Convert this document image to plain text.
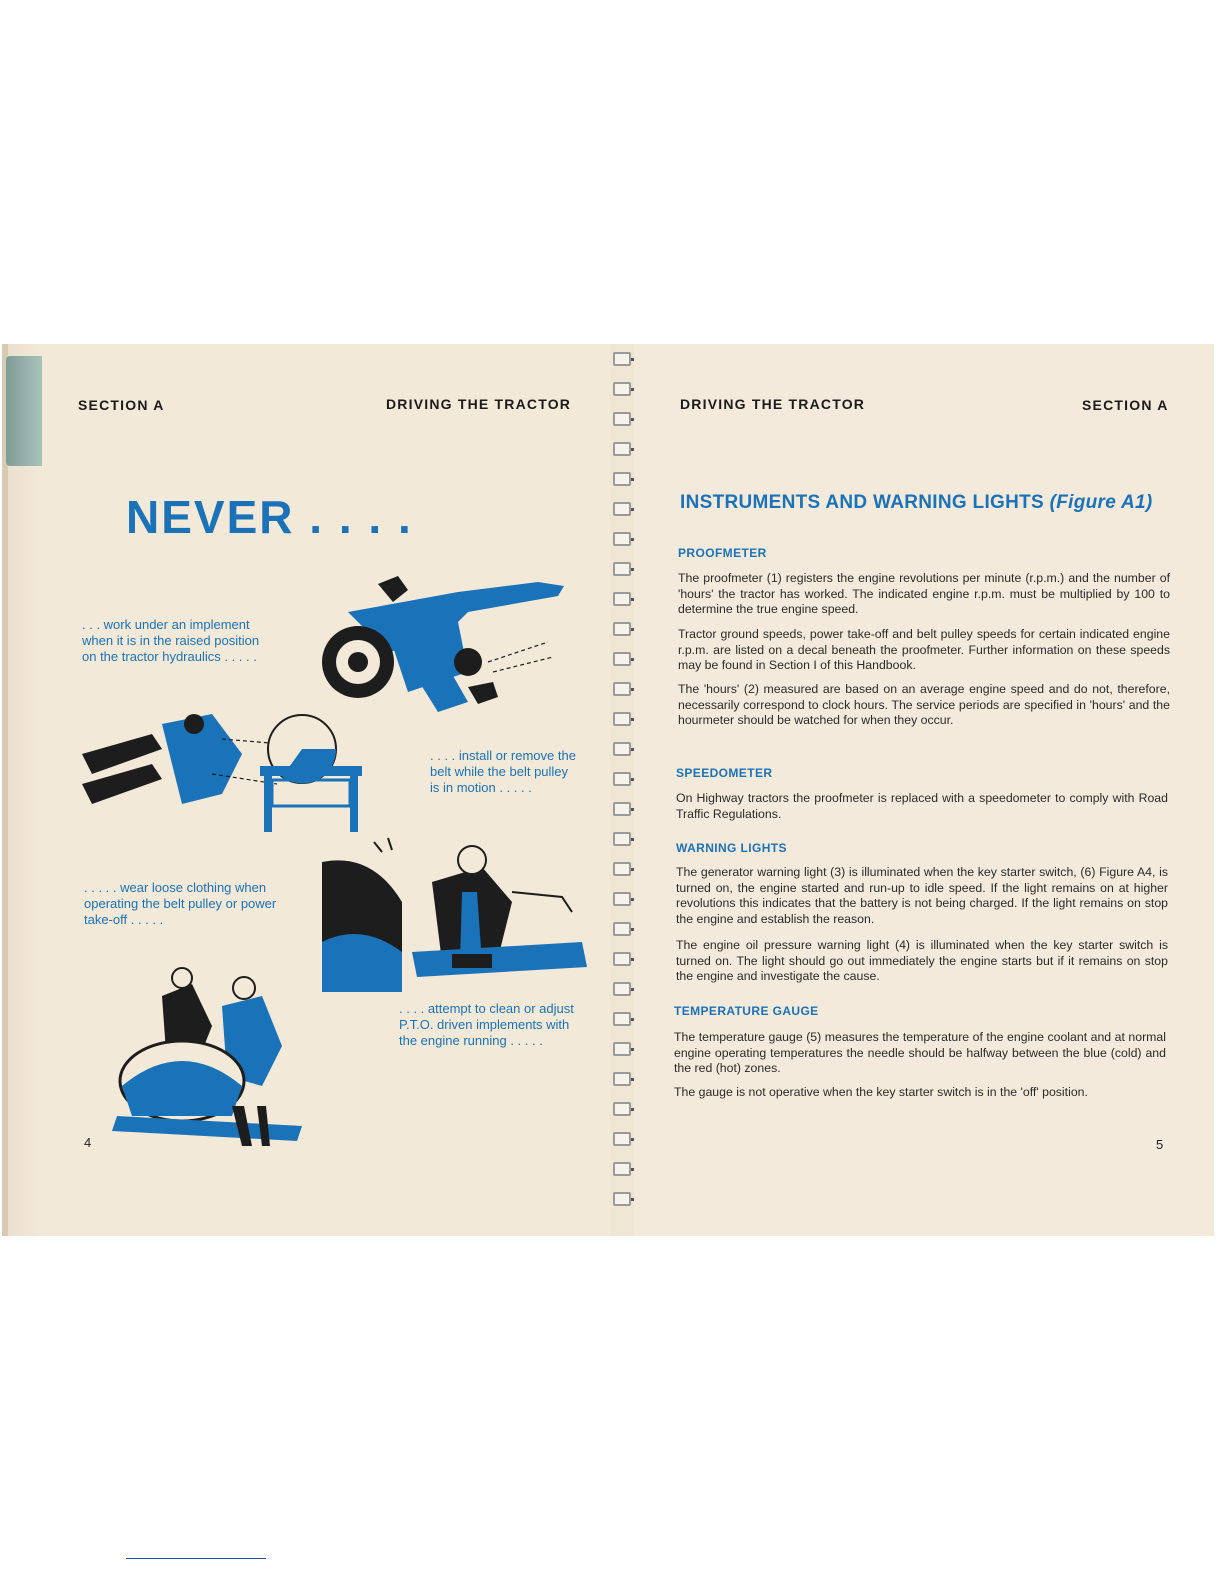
SECTION A	DRIVING THE TRACTOR
NEVER . . . .
. . . work under an implement when it is in the raised position on the tractor hydraulics . . . . .
. . . . install or remove the belt while the belt pulley is in motion . . . . .
. . . . . wear loose clothing when operating the belt pulley or power take-off . . . . .
. . . . attempt to clean or adjust P.T.O. driven implements with the engine running . . . . .
4
DRIVING THE TRACTOR	SECTION A
INSTRUMENTS AND WARNING LIGHTS (Figure A1)
PROOFMETER
The proofmeter (1) registers the engine revolutions per minute (r.p.m.) and the number of 'hours' the tractor has worked. The indicated engine r.p.m. must be multiplied by 100 to determine the true engine speed.
Tractor ground speeds, power take-off and belt pulley speeds for certain indicated engine r.p.m. are listed on a decal beneath the proofmeter. Further information on these speeds may be found in Section I of this Handbook.
The 'hours' (2) measured are based on an average engine speed and do not, therefore, necessarily correspond to clock hours. The service periods are specified in 'hours' and the hourmeter should be watched for when they occur.
SPEEDOMETER
On Highway tractors the proofmeter is replaced with a speedometer to comply with Road Traffic Regulations.
WARNING LIGHTS
The generator warning light (3) is illuminated when the key starter switch, (6) Figure A4, is turned on, the engine started and run-up to idle speed. If the light remains on at higher revolutions this indicates that the battery is not being charged. If the light remains on stop the engine and establish the reason.
The engine oil pressure warning light (4) is illuminated when the key starter switch is turned on. The light should go out immediately the engine starts but if it remains on stop the engine and investigate the cause.
TEMPERATURE GAUGE
The temperature gauge (5) measures the temperature of the engine coolant and at normal engine operating temperatures the needle should be halfway between the blue (cold) and the red (hot) zones.
The gauge is not operative when the key starter switch is in the 'off' position.
5
